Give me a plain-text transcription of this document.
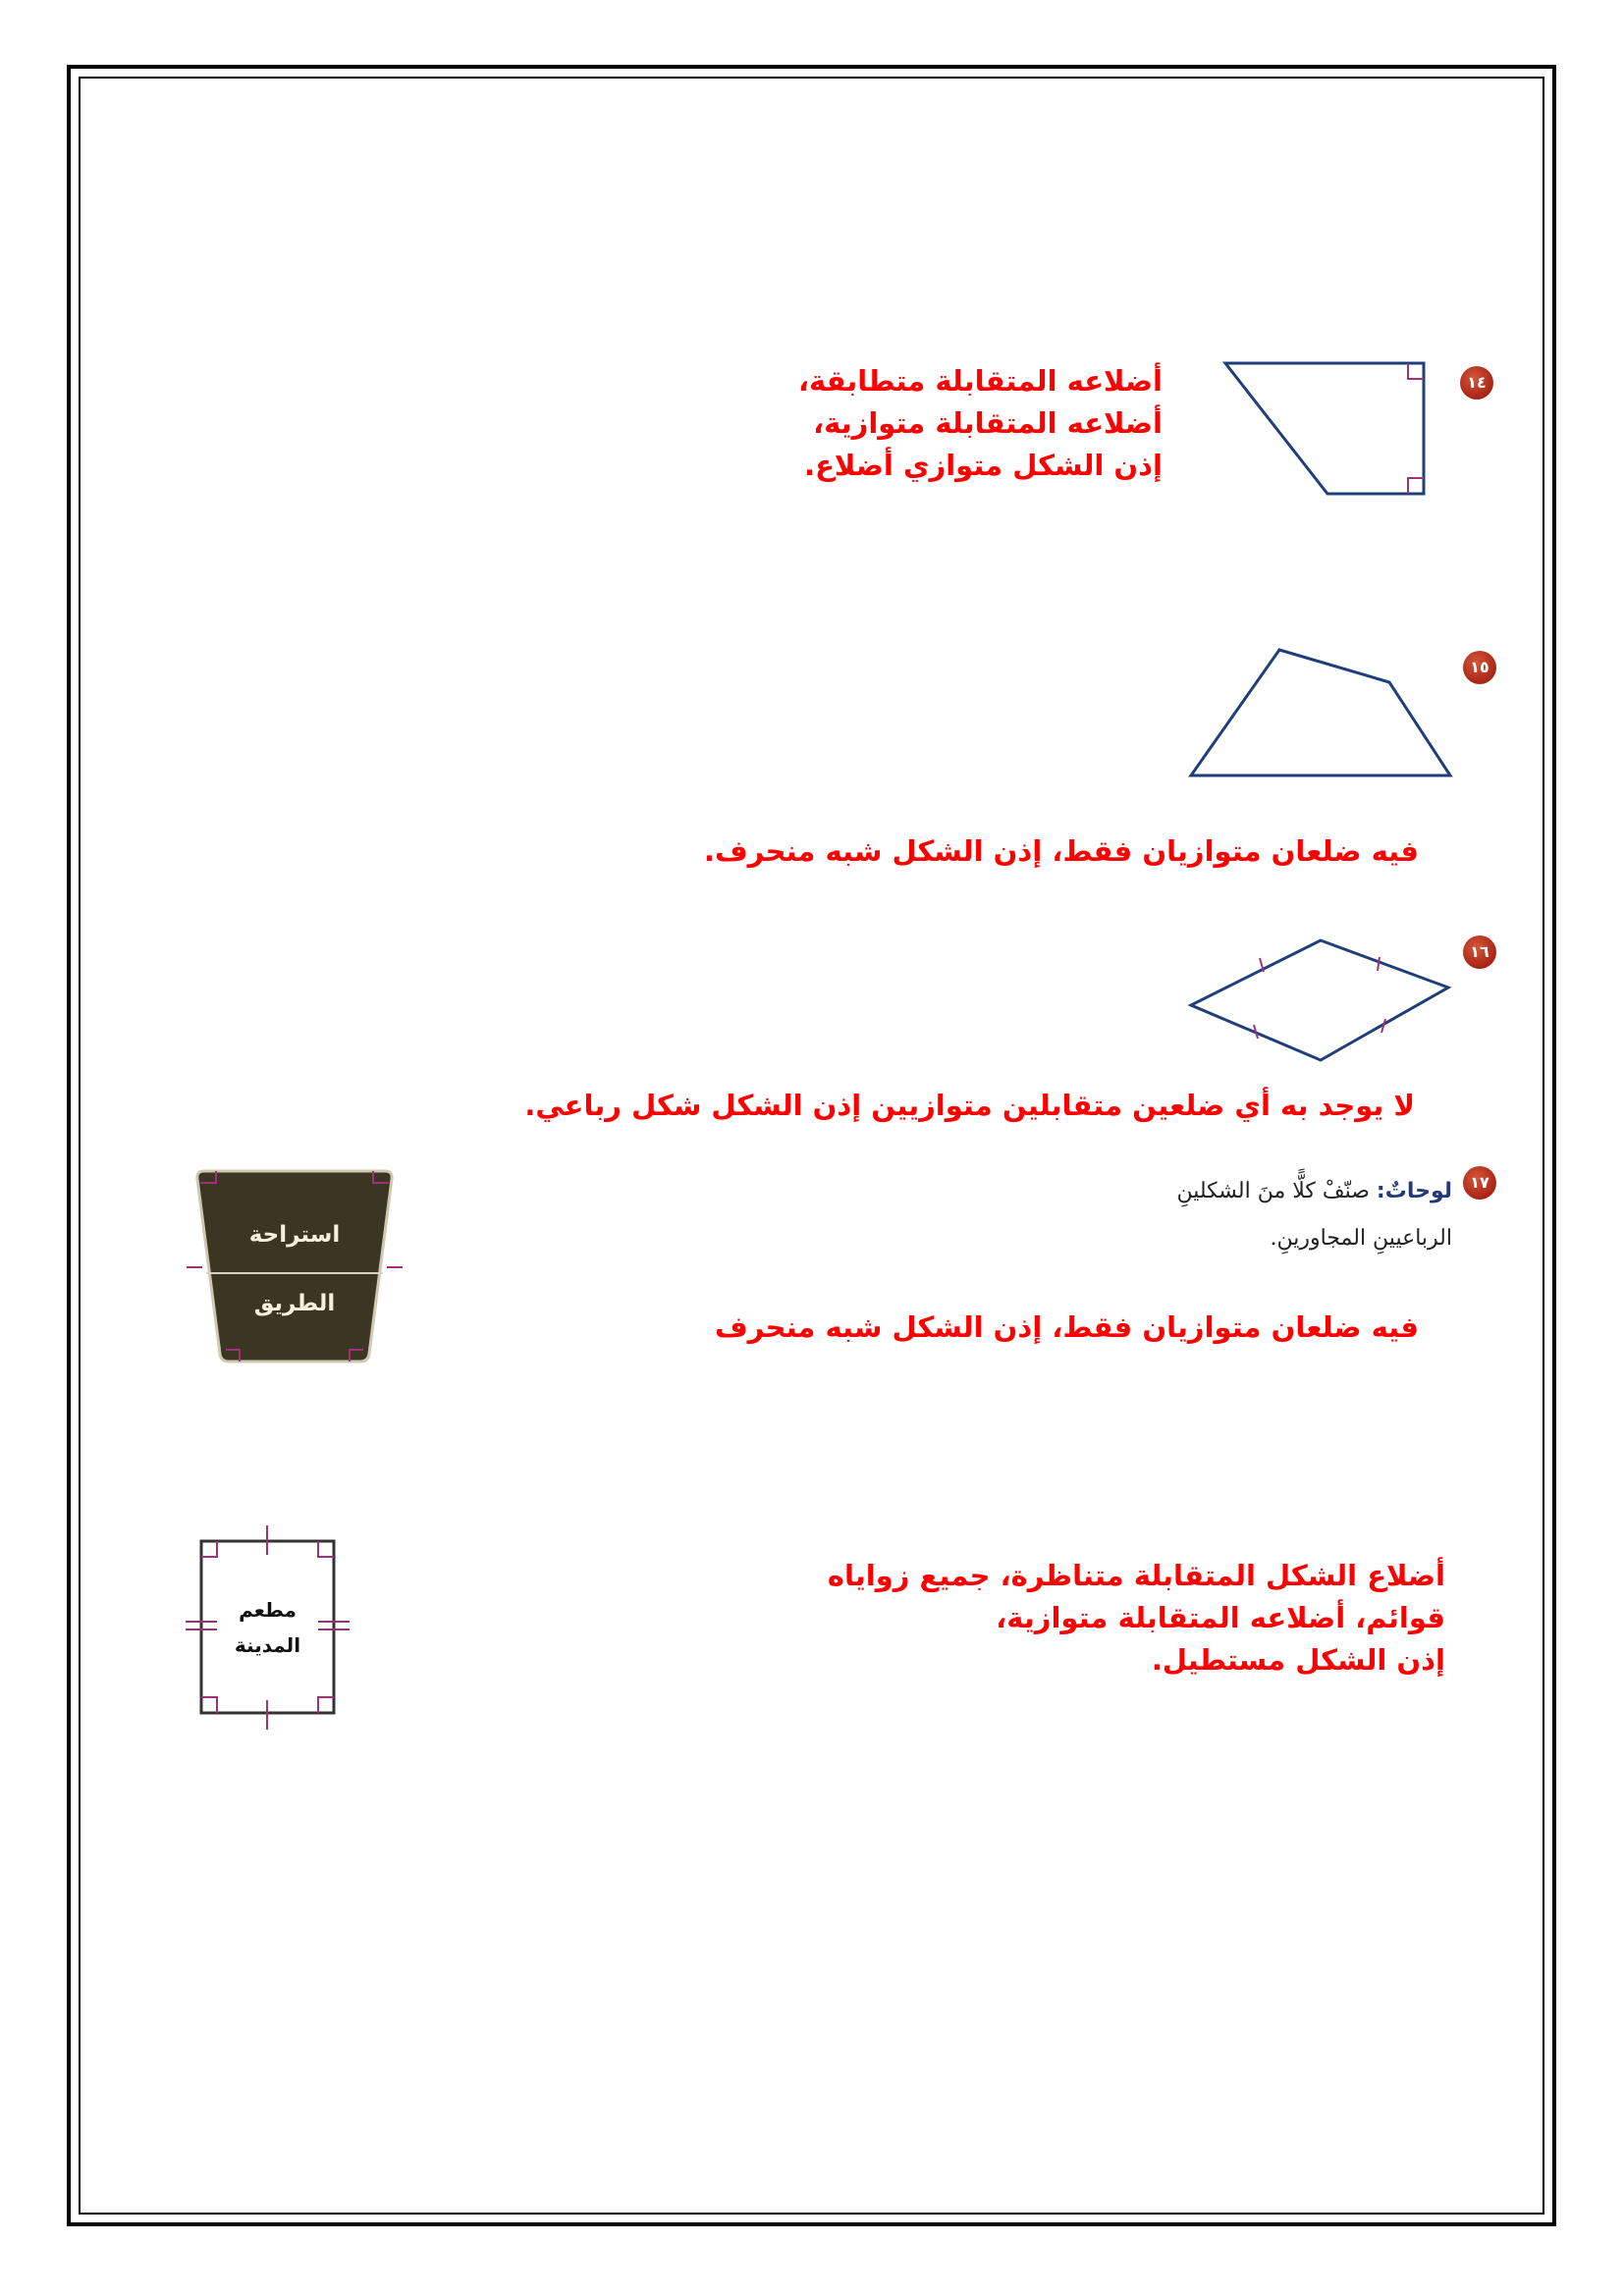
١٤
أضلاعه المتقابلة متطابقة،
أضلاعه المتقابلة متوازية،
إذن الشكل متوازي أضلاع.
١٥
فيه ضلعان متوازيان فقط، إذن الشكل شبه منحرف.
١٦
لا يوجد به أي ضلعين متقابلين متوازيين إذن الشكل شكل رباعي.
١٧
لوحاتٌ: صنّفْ كلًّا منَ الشكلينِ
الرباعيينِ المجاورينِ.
استراحة
الطريق
فيه ضلعان متوازيان فقط، إذن الشكل شبه منحرف
مطعم
المدينة
أضلاع الشكل المتقابلة متناظرة، جميع زواياه
قوائم، أضلاعه المتقابلة متوازية،
إذن الشكل مستطيل.
